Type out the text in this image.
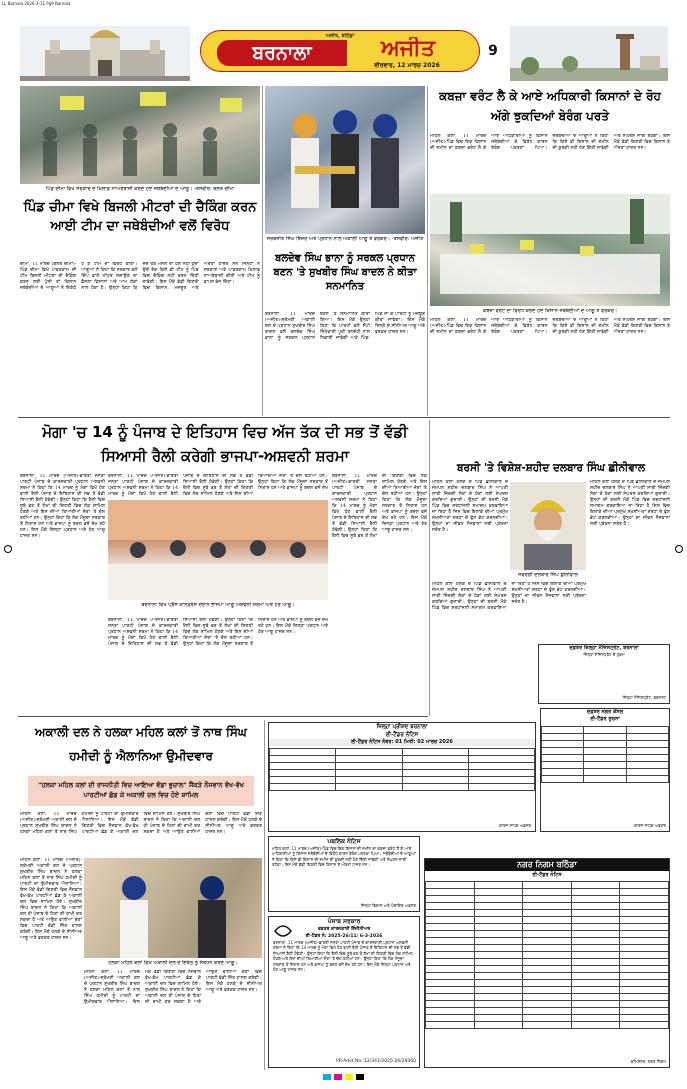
LL Barnala 2026-3-11 Pg9 Barnala
ਅਜੀਤ, ਬਠਿੰਡਾ
ਬਰਨਾਲਾ	ਅਜੀਤ
ਵੀਰਵਾਰ, 12 ਮਾਰਚ 2026
9
ਪਿੰਡ ਚੀਮਾ ਵਿਖੇ ਸਰਕਾਰ ਦੇ ਖ਼ਿਲਾਫ਼ ਨਾਅਰੇਬਾਜ਼ੀ ਕਰਦੇ ਹੋਏ ਜਥੇਬੰਦੀਆਂ ਦੇ ਆਗੂ। -ਤਸਵੀਰ: ਬੋਲਤ ਚੀਮਾ
ਪਿੰਡ ਚੀਮਾ ਵਿਖੇ ਬਿਜਲੀ ਮੀਟਰਾਂ ਦੀ ਚੈਕਿੰਗ ਕਰਨ ਆਈ ਟੀਮ ਦਾ ਜਥੇਬੰਦੀਆਂ ਵਲੋਂ ਵਿਰੋਧ
ਚੀਮਾ, 11 ਮਾਰਚ (ਬੋਲਤ ਚੀਮਾ)-ਪਿੰਡ ਚੀਮਾ ਵਿਖੇ ਪਾਵਰਕਾਮ ਦੀ ਟੀਮ ਬਿਜਲੀ ਮੀਟਰਾਂ ਦੀ ਚੈਕਿੰਗ ਕਰਨ ਲਈ ਪੁੱਜੀ ਤਾਂ ਕਿਸਾਨ ਜਥੇਬੰਦੀਆਂ ਦੇ ਆਗੂਆਂ ਨੇ ਇਕੱਠੇ ਹੋ ਕੇ ਟੀਮ ਦਾ ਵਿਰੋਧ ਕੀਤਾ। ਆਗੂਆਂ ਨੇ ਕਿਹਾ ਕਿ ਸਰਕਾਰ ਵਲੋਂ ਚਿੱਪ ਵਾਲੇ ਮੀਟਰ ਲਗਾਉਣ ਦਾ ਫ਼ੈਸਲਾ ਕਿਸਾਨਾਂ ਅਤੇ ਆਮ ਲੋਕਾਂ ਨਾਲ ਧੱਕਾ ਹੈ। ਉਨ੍ਹਾਂ ਕਿਹਾ ਕਿ ਜਦੋਂ ਤੱਕ ਮਸਲੇ ਦਾ ਹੱਲ ਨਹੀਂ ਹੁੰਦਾ ਉਦੋਂ ਤੱਕ ਕਿਸੇ ਵੀ ਟੀਮ ਨੂੰ ਪਿੰਡ ਵਿਚ ਚੈਕਿੰਗ ਨਹੀਂ ਕਰਨ ਦਿੱਤੀ ਜਾਵੇਗੀ। ਇਸ ਮੌਕੇ ਵੱਡੀ ਗਿਣਤੀ ਵਿਚ ਕਿਸਾਨ, ਮਜ਼ਦੂਰ ਅਤੇ ਔਰਤਾਂ ਹਾਜ਼ਰ ਸਨ ਜਿਨ੍ਹਾਂ ਨੇ ਸਰਕਾਰ ਅਤੇ ਪਾਵਰਕਾਮ ਖ਼ਿਲਾਫ਼ ਨਾਅਰੇਬਾਜ਼ੀ ਕੀਤੀ ਅਤੇ ਟੀਮ ਨੂੰ ਵਾਪਸ ਭੇਜ ਦਿੱਤਾ।
ਸਰਬਜੀਤ ਸਿੰਘ ਝਿੰਜਰ ਅਤੇ ਪ੍ਰਧਾਨ ਨਾਲ ਅਕਾਲੀ ਆਗੂ ਤੇ ਵਰਕਰ। -ਤਸਵੀਰ: ਅਜੀਤ
ਬਲਦੇਵ ਸਿੰਘ ਭਾਨਾ ਨੂੰ ਸਰਕਲ ਪ੍ਰਧਾਨ ਬਣਨ 'ਤੇ ਸੁਖਬੀਰ ਸਿੰਘ ਬਾਦਲ ਨੇ ਕੀਤਾ ਸਨਮਾਨਿਤ
ਬਰਨਾਲਾ, 11 ਮਾਰਚ (ਅਜੀਤ)-ਸ਼੍ਰੋਮਣੀ ਅਕਾਲੀ ਦਲ ਦੇ ਪ੍ਰਧਾਨ ਸੁਖਬੀਰ ਸਿੰਘ ਬਾਦਲ ਵਲੋਂ ਬਲਦੇਵ ਸਿੰਘ ਭਾਨਾ ਨੂੰ ਸਰਕਲ ਪ੍ਰਧਾਨ ਬਣਨ 'ਤੇ ਸਨਮਾਨਿਤ ਕੀਤਾ ਗਿਆ। ਇਸ ਮੌਕੇ ਉਨ੍ਹਾਂ ਕਿਹਾ ਕਿ ਪਾਰਟੀ ਵਲੋਂ ਸੌਂਪੀ ਜ਼ਿੰਮੇਵਾਰੀ ਪੂਰੀ ਤਨਦੇਹੀ ਨਾਲ ਨਿਭਾਈ ਜਾਵੇਗੀ ਅਤੇ ਪਿੰਡ-ਪਿੰਡ ਜਾ ਕੇ ਪਾਰਟੀ ਨੂੰ ਮਜ਼ਬੂਤ ਕੀਤਾ ਜਾਵੇਗਾ। ਇਸ ਮੌਕੇ ਜ਼ਿਲ੍ਹੇ ਦੇ ਸੀਨੀਅਰ ਆਗੂ ਅਤੇ ਵਰਕਰ ਹਾਜ਼ਰ ਸਨ।
ਕਬਜ਼ਾ ਵਰੰਟ ਲੈ ਕੇ ਆਏ ਅਧਿਕਾਰੀ ਕਿਸਾਨਾਂ ਦੇ ਰੋਹ ਅੱਗੇ ਝੁਕਦਿਆਂ ਬੇਰੰਗ ਪਰਤੇ
ਮਹਿਲ ਕਲਾਂ, 11 ਮਾਰਚ (ਅਜੀਤ)-ਪਿੰਡ ਵਿਚ ਇਕ ਕਿਸਾਨ ਦੀ ਜ਼ਮੀਨ ਦਾ ਕਬਜ਼ਾ ਵਰੰਟ ਲੈ ਕੇ ਆਏ ਅਧਿਕਾਰੀਆਂ ਨੂੰ ਕਿਸਾਨ ਜਥੇਬੰਦੀਆਂ ਦੇ ਵਿਰੋਧ ਕਾਰਨ ਬੇਰੰਗ ਪਰਤਣਾ ਪਿਆ। ਜਥੇਬੰਦੀਆਂ ਦੇ ਆਗੂਆਂ ਨੇ ਕਿਹਾ ਕਿ ਕਿਸੇ ਵੀ ਕਿਸਾਨ ਦੀ ਜ਼ਮੀਨ ਦੀ ਕੁਰਕੀ ਨਹੀਂ ਹੋਣ ਦਿੱਤੀ ਜਾਵੇਗੀ ਅਤੇ ਸੰਘਰਸ਼ ਜਾਰੀ ਰਹੇਗਾ। ਇਸ ਮੌਕੇ ਵੱਡੀ ਗਿਣਤੀ ਵਿਚ ਕਿਸਾਨ ਤੇ ਔਰਤਾਂ ਹਾਜ਼ਰ ਸਨ।
ਕਬਜ਼ਾ ਵਰੰਟ ਦਾ ਵਿਰੋਧ ਕਰਦੇ ਹੋਏ ਕਿਸਾਨ ਜਥੇਬੰਦੀਆਂ ਦੇ ਆਗੂ ਤੇ ਵਰਕਰ।
ਮਹਿਲ ਕਲਾਂ, 11 ਮਾਰਚ (ਅਜੀਤ)-ਪਿੰਡ ਵਿਚ ਇਕ ਕਿਸਾਨ ਦੀ ਜ਼ਮੀਨ ਦਾ ਕਬਜ਼ਾ ਵਰੰਟ ਲੈ ਕੇ ਆਏ ਅਧਿਕਾਰੀਆਂ ਨੂੰ ਕਿਸਾਨ ਜਥੇਬੰਦੀਆਂ ਦੇ ਵਿਰੋਧ ਕਾਰਨ ਬੇਰੰਗ ਪਰਤਣਾ ਪਿਆ। ਜਥੇਬੰਦੀਆਂ ਦੇ ਆਗੂਆਂ ਨੇ ਕਿਹਾ ਕਿ ਕਿਸੇ ਵੀ ਕਿਸਾਨ ਦੀ ਜ਼ਮੀਨ ਦੀ ਕੁਰਕੀ ਨਹੀਂ ਹੋਣ ਦਿੱਤੀ ਜਾਵੇਗੀ ਅਤੇ ਸੰਘਰਸ਼ ਜਾਰੀ ਰਹੇਗਾ। ਇਸ ਮੌਕੇ ਵੱਡੀ ਗਿਣਤੀ ਵਿਚ ਕਿਸਾਨ ਤੇ ਔਰਤਾਂ ਹਾਜ਼ਰ ਸਨ।
ਮੋਗਾ 'ਚ 14 ਨੂੰ ਪੰਜਾਬ ਦੇ ਇਤਿਹਾਸ ਵਿਚ ਅੱਜ ਤੱਕ ਦੀ ਸਭ ਤੋਂ ਵੱਡੀ ਸਿਆਸੀ ਰੈਲੀ ਕਰੇਗੀ ਭਾਜਪਾ-ਅਸ਼ਵਨੀ ਸ਼ਰਮਾ
ਬਰਨਾਲਾ, 11 ਮਾਰਚ (ਅਜੀਤ)-ਭਾਰਤੀ ਜਨਤਾ ਪਾਰਟੀ ਪੰਜਾਬ ਦੇ ਕਾਰਜਕਾਰੀ ਪ੍ਰਧਾਨ ਅਸ਼ਵਨੀ ਸ਼ਰਮਾ ਨੇ ਕਿਹਾ ਕਿ 14 ਮਾਰਚ ਨੂੰ ਮੋਗਾ ਵਿਖੇ ਹੋਣ ਵਾਲੀ ਰੈਲੀ ਪੰਜਾਬ ਦੇ ਇਤਿਹਾਸ ਦੀ ਸਭ ਤੋਂ ਵੱਡੀ ਸਿਆਸੀ ਰੈਲੀ ਹੋਵੇਗੀ। ਉਨ੍ਹਾਂ ਕਿਹਾ ਕਿ ਰੈਲੀ ਵਿਚ ਸੂਬੇ ਭਰ ਤੋਂ ਲੱਖਾਂ ਦੀ ਗਿਣਤੀ ਵਿਚ ਲੋਕ ਸ਼ਾਮਿਲ ਹੋਣਗੇ ਅਤੇ ਇਸ ਦੀਆਂ ਤਿਆਰੀਆਂ ਜ਼ੋਰਾਂ 'ਤੇ ਚੱਲ ਰਹੀਆਂ ਹਨ। ਉਨ੍ਹਾਂ ਕਿਹਾ ਕਿ ਲੋਕ ਮੌਜੂਦਾ ਸਰਕਾਰ ਤੋਂ ਨਿਰਾਸ਼ ਹਨ ਅਤੇ ਭਾਜਪਾ ਨੂੰ ਬਦਲ ਵਜੋਂ ਦੇਖ ਰਹੇ ਹਨ। ਇਸ ਮੌਕੇ ਜ਼ਿਲ੍ਹਾ ਪ੍ਰਧਾਨ ਅਤੇ ਹੋਰ ਆਗੂ ਹਾਜ਼ਰ ਸਨ।
ਬਰਨਾਲਾ ਵਿਖੇ ਪ੍ਰੈੱਸ ਕਾਨਫ਼ਰੰਸ ਦੌਰਾਨ ਭਾਜਪਾ ਆਗੂ ਅਸ਼ਵਨੀ ਸ਼ਰਮਾ ਅਤੇ ਹੋਰ ਆਗੂ।
ਬਰਨਾਲਾ, 11 ਮਾਰਚ (ਅਜੀਤ)-ਭਾਰਤੀ ਜਨਤਾ ਪਾਰਟੀ ਪੰਜਾਬ ਦੇ ਕਾਰਜਕਾਰੀ ਪ੍ਰਧਾਨ ਅਸ਼ਵਨੀ ਸ਼ਰਮਾ ਨੇ ਕਿਹਾ ਕਿ 14 ਮਾਰਚ ਨੂੰ ਮੋਗਾ ਵਿਖੇ ਹੋਣ ਵਾਲੀ ਰੈਲੀ ਪੰਜਾਬ ਦੇ ਇਤਿਹਾਸ ਦੀ ਸਭ ਤੋਂ ਵੱਡੀ ਸਿਆਸੀ ਰੈਲੀ ਹੋਵੇਗੀ। ਉਨ੍ਹਾਂ ਕਿਹਾ ਕਿ ਰੈਲੀ ਵਿਚ ਸੂਬੇ ਭਰ ਤੋਂ ਲੱਖਾਂ ਦੀ ਗਿਣਤੀ ਵਿਚ ਲੋਕ ਸ਼ਾਮਿਲ ਹੋਣਗੇ ਅਤੇ ਇਸ ਦੀਆਂ ਤਿਆਰੀਆਂ ਜ਼ੋਰਾਂ 'ਤੇ ਚੱਲ ਰਹੀਆਂ ਹਨ। ਉਨ੍ਹਾਂ ਕਿਹਾ ਕਿ ਲੋਕ ਮੌਜੂਦਾ ਸਰਕਾਰ ਤੋਂ ਨਿਰਾਸ਼ ਹਨ ਅਤੇ ਭਾਜਪਾ ਨੂੰ ਬਦਲ ਵਜੋਂ ਦੇਖ
ਬਰਨਾਲਾ, 11 ਮਾਰਚ (ਅਜੀਤ)-ਭਾਰਤੀ ਜਨਤਾ ਪਾਰਟੀ ਪੰਜਾਬ ਦੇ ਕਾਰਜਕਾਰੀ ਪ੍ਰਧਾਨ ਅਸ਼ਵਨੀ ਸ਼ਰਮਾ ਨੇ ਕਿਹਾ ਕਿ 14 ਮਾਰਚ ਨੂੰ ਮੋਗਾ ਵਿਖੇ ਹੋਣ ਵਾਲੀ ਰੈਲੀ ਪੰਜਾਬ ਦੇ ਇਤਿਹਾਸ ਦੀ ਸਭ ਤੋਂ ਵੱਡੀ ਸਿਆਸੀ ਰੈਲੀ ਹੋਵੇਗੀ। ਉਨ੍ਹਾਂ ਕਿਹਾ ਕਿ ਰੈਲੀ ਵਿਚ ਸੂਬੇ ਭਰ ਤੋਂ ਲੱਖਾਂ ਦੀ ਗਿਣਤੀ ਵਿਚ ਲੋਕ ਸ਼ਾਮਿਲ ਹੋਣਗੇ ਅਤੇ ਇਸ ਦੀਆਂ ਤਿਆਰੀਆਂ ਜ਼ੋਰਾਂ 'ਤੇ ਚੱਲ ਰਹੀਆਂ ਹਨ। ਉਨ੍ਹਾਂ ਕਿਹਾ ਕਿ ਲੋਕ ਮੌਜੂਦਾ ਸਰਕਾਰ ਤੋਂ ਨਿਰਾਸ਼ ਹਨ ਅਤੇ ਭਾਜਪਾ ਨੂੰ ਬਦਲ ਵਜੋਂ ਦੇਖ ਰਹੇ ਹਨ। ਇਸ ਮੌਕੇ ਜ਼ਿਲ੍ਹਾ ਪ੍ਰਧਾਨ ਅਤੇ ਹੋਰ ਆਗੂ ਹਾਜ਼ਰ ਸਨ।
ਬਰਨਾਲਾ, 11 ਮਾਰਚ (ਅਜੀਤ)-ਭਾਰਤੀ ਜਨਤਾ ਪਾਰਟੀ ਪੰਜਾਬ ਦੇ ਕਾਰਜਕਾਰੀ ਪ੍ਰਧਾਨ ਅਸ਼ਵਨੀ ਸ਼ਰਮਾ ਨੇ ਕਿਹਾ ਕਿ 14 ਮਾਰਚ ਨੂੰ ਮੋਗਾ ਵਿਖੇ ਹੋਣ ਵਾਲੀ ਰੈਲੀ ਪੰਜਾਬ ਦੇ ਇਤਿਹਾਸ ਦੀ ਸਭ ਤੋਂ ਵੱਡੀ ਸਿਆਸੀ ਰੈਲੀ ਹੋਵੇਗੀ। ਉਨ੍ਹਾਂ ਕਿਹਾ ਕਿ ਰੈਲੀ ਵਿਚ ਸੂਬੇ ਭਰ ਤੋਂ ਲੱਖਾਂ ਦੀ ਗਿਣਤੀ ਵਿਚ ਲੋਕ ਸ਼ਾਮਿਲ ਹੋਣਗੇ ਅਤੇ ਇਸ ਦੀਆਂ ਤਿਆਰੀਆਂ ਜ਼ੋਰਾਂ 'ਤੇ ਚੱਲ ਰਹੀਆਂ ਹਨ। ਉਨ੍ਹਾਂ ਕਿਹਾ ਕਿ ਲੋਕ ਮੌਜੂਦਾ ਸਰਕਾਰ ਤੋਂ ਨਿਰਾਸ਼ ਹਨ ਅਤੇ ਭਾਜਪਾ ਨੂੰ ਬਦਲ ਵਜੋਂ ਦੇਖ ਰਹੇ ਹਨ। ਇਸ ਮੌਕੇ ਜ਼ਿਲ੍ਹਾ ਪ੍ਰਧਾਨ ਅਤੇ ਹੋਰ ਆਗੂ ਹਾਜ਼ਰ ਸਨ।
ਬਰਸੀ 'ਤੇ ਵਿਸ਼ੇਸ਼-ਸ਼ਹੀਦ ਦਲਬਾਰ ਸਿੰਘ ਛੀਨੀਵਾਲ
ਮਹਿਲ ਕਲਾਂ ਹਲਕੇ ਦੇ ਪਿੰਡ ਛੀਨੀਵਾਲ ਦੇ ਜੰਮਪਲ ਸ਼ਹੀਦ ਦਲਬਾਰ ਸਿੰਘ ਨੇ ਆਪਣੀ ਸਾਰੀ ਜ਼ਿੰਦਗੀ ਲੋਕਾਂ ਦੇ ਹੱਕਾਂ ਲਈ ਸੰਘਰਸ਼ ਕਰਦਿਆਂ ਗੁਜ਼ਾਰੀ। ਉਨ੍ਹਾਂ ਦੀ ਬਰਸੀ ਮੌਕੇ ਪਿੰਡ ਵਿਚ ਸ਼ਰਧਾਂਜਲੀ ਸਮਾਗਮ ਕਰਵਾਇਆ ਜਾ ਰਿਹਾ ਹੈ ਜਿਸ ਵਿਚ ਇਲਾਕੇ ਦੀਆਂ ਪ੍ਰਮੁੱਖ ਸ਼ਖ਼ਸੀਅਤਾਂ ਸ਼ਰਧਾ ਦੇ ਫੁੱਲ ਭੇਟ ਕਰਨਗੀਆਂ। ਉਨ੍ਹਾਂ ਦਾ ਜੀਵਨ ਨੌਜਵਾਨਾਂ ਲਈ ਪ੍ਰੇਰਨਾ ਸਰੋਤ ਹੈ।
ਸਵਰਗੀ ਦਲਬਾਰ ਸਿੰਘ ਛੀਨੀਵਾਲ
ਮਹਿਲ ਕਲਾਂ ਹਲਕੇ ਦੇ ਪਿੰਡ ਛੀਨੀਵਾਲ ਦੇ ਜੰਮਪਲ ਸ਼ਹੀਦ ਦਲਬਾਰ ਸਿੰਘ ਨੇ ਆਪਣੀ ਸਾਰੀ ਜ਼ਿੰਦਗੀ ਲੋਕਾਂ ਦੇ ਹੱਕਾਂ ਲਈ ਸੰਘਰਸ਼ ਕਰਦਿਆਂ ਗੁਜ਼ਾਰੀ। ਉਨ੍ਹਾਂ ਦੀ ਬਰਸੀ ਮੌਕੇ ਪਿੰਡ ਵਿਚ ਸ਼ਰਧਾਂਜਲੀ ਸਮਾਗਮ ਕਰਵਾਇਆ ਜਾ ਰਿਹਾ ਹੈ ਜਿਸ ਵਿਚ ਇਲਾਕੇ ਦੀਆਂ ਪ੍ਰਮੁੱਖ ਸ਼ਖ਼ਸੀਅਤਾਂ ਸ਼ਰਧਾ ਦੇ ਫੁੱਲ ਭੇਟ ਕਰਨਗੀਆਂ। ਉਨ੍ਹਾਂ ਦਾ ਜੀਵਨ ਨੌਜਵਾਨਾਂ ਲਈ ਪ੍ਰੇਰਨਾ ਸਰੋਤ ਹੈ।
ਮਹਿਲ ਕਲਾਂ ਹਲਕੇ ਦੇ ਪਿੰਡ ਛੀਨੀਵਾਲ ਦੇ ਜੰਮਪਲ ਸ਼ਹੀਦ ਦਲਬਾਰ ਸਿੰਘ ਨੇ ਆਪਣੀ ਸਾਰੀ ਜ਼ਿੰਦਗੀ ਲੋਕਾਂ ਦੇ ਹੱਕਾਂ ਲਈ ਸੰਘਰਸ਼ ਕਰਦਿਆਂ ਗੁਜ਼ਾਰੀ। ਉਨ੍ਹਾਂ ਦੀ ਬਰਸੀ ਮੌਕੇ ਪਿੰਡ ਵਿਚ ਸ਼ਰਧਾਂਜਲੀ ਸਮਾਗਮ ਕਰਵਾਇਆ ਜਾ ਰਿਹਾ ਹੈ ਜਿਸ ਵਿਚ ਇਲਾਕੇ ਦੀਆਂ ਪ੍ਰਮੁੱਖ ਸ਼ਖ਼ਸੀਅਤਾਂ ਸ਼ਰਧਾ ਦੇ ਫੁੱਲ ਭੇਟ ਕਰਨਗੀਆਂ। ਉਨ੍ਹਾਂ ਦਾ ਜੀਵਨ ਨੌਜਵਾਨਾਂ ਲਈ ਪ੍ਰੇਰਨਾ ਸਰੋਤ ਹੈ।
ਦਫ਼ਤਰ ਜ਼ਿਲ੍ਹਾ ਮੈਜਿਸਟ੍ਰੇਟ, ਬਰਨਾਲਾ
ਜ਼ਿਲ੍ਹਾ ਮੈਜਿਸਟ੍ਰੇਟ ਦੇ ਹੁਕਮ
ਜ਼ਿਲ੍ਹਾ ਮੈਜਿਸਟ੍ਰੇਟ, ਬਰਨਾਲਾ
ਅਕਾਲੀ ਦਲ ਨੇ ਹਲਕਾ ਮਹਿਲ ਕਲਾਂ ਤੋਂ ਨਾਥ ਸਿੰਘ ਹਮੀਦੀ ਨੂੰ ਐਲਾਨਿਆ ਉਮੀਦਵਾਰ
"ਹਲਕਾ ਮਹਿਲ ਕਲਾਂ ਦੀ ਰਾਜਨੀਤੀ ਵਿਚ ਆਇਆ ਵੱਡਾ ਭੁਚਾਲ" ਸੈਂਕੜੇ ਨੌਜਵਾਨ ਵੱਖ-ਵੱਖ ਪਾਰਟੀਆਂ ਛੱਡ ਕੇ ਅਕਾਲੀ ਦਲ ਵਿਚ ਹੋਏ ਸ਼ਾਮਿਲ
ਮਹਿਲ ਕਲਾਂ, 11 ਮਾਰਚ (ਅਜੀਤ)-ਸ਼੍ਰੋਮਣੀ ਅਕਾਲੀ ਦਲ ਦੇ ਪ੍ਰਧਾਨ ਸੁਖਬੀਰ ਸਿੰਘ ਬਾਦਲ ਨੇ ਹਲਕਾ ਮਹਿਲ ਕਲਾਂ ਤੋਂ ਨਾਥ ਸਿੰਘ ਹਮੀਦੀ ਨੂੰ ਪਾਰਟੀ ਦਾ ਉਮੀਦਵਾਰ ਐਲਾਨਿਆ। ਇਸ ਮੌਕੇ ਵੱਡੀ ਗਿਣਤੀ ਵਿਚ ਨੌਜਵਾਨ ਵੱਖ-ਵੱਖ ਪਾਰਟੀਆਂ ਛੱਡ ਕੇ ਅਕਾਲੀ ਦਲ ਵਿਚ ਸ਼ਾਮਿਲ ਹੋਏ। ਸੁਖਬੀਰ ਸਿੰਘ ਬਾਦਲ ਨੇ ਕਿਹਾ ਕਿ ਅਕਾਲੀ ਦਲ ਹੀ ਪੰਜਾਬ ਦੇ ਹਿਤਾਂ ਦੀ ਰਾਖੀ ਕਰ ਸਕਦਾ ਹੈ ਅਤੇ ਆਉਣ ਵਾਲੀਆਂ ਚੋਣਾਂ ਵਿਚ ਪਾਰਟੀ ਵੱਡੀ ਜਿੱਤ ਹਾਸਲ ਕਰੇਗੀ। ਇਸ ਮੌਕੇ ਹਲਕੇ ਦੇ ਸੀਨੀਅਰ ਆਗੂ ਅਤੇ ਵਰਕਰ ਹਾਜ਼ਰ ਸਨ।
ਹਲਕਾ ਮਹਿਲ ਕਲਾਂ ਵਿਖੇ ਅਕਾਲੀ ਦਲ ਦੇ ਇਕੱਠ ਨੂੰ ਸੰਬੋਧਨ ਕਰਦੇ ਆਗੂ।
ਮਹਿਲ ਕਲਾਂ, 11 ਮਾਰਚ (ਅਜੀਤ)-ਸ਼੍ਰੋਮਣੀ ਅਕਾਲੀ ਦਲ ਦੇ ਪ੍ਰਧਾਨ ਸੁਖਬੀਰ ਸਿੰਘ ਬਾਦਲ ਨੇ ਹਲਕਾ ਮਹਿਲ ਕਲਾਂ ਤੋਂ ਨਾਥ ਸਿੰਘ ਹਮੀਦੀ ਨੂੰ ਪਾਰਟੀ ਦਾ ਉਮੀਦਵਾਰ ਐਲਾਨਿਆ। ਇਸ ਮੌਕੇ ਵੱਡੀ ਗਿਣਤੀ ਵਿਚ ਨੌਜਵਾਨ ਵੱਖ-ਵੱਖ ਪਾਰਟੀਆਂ ਛੱਡ ਕੇ ਅਕਾਲੀ ਦਲ ਵਿਚ ਸ਼ਾਮਿਲ ਹੋਏ। ਸੁਖਬੀਰ ਸਿੰਘ ਬਾਦਲ ਨੇ ਕਿਹਾ ਕਿ ਅਕਾਲੀ ਦਲ ਹੀ ਪੰਜਾਬ ਦੇ ਹਿਤਾਂ ਦੀ ਰਾਖੀ ਕਰ ਸਕਦਾ ਹੈ ਅਤੇ ਆਉਣ ਵਾਲੀਆਂ ਚੋਣਾਂ ਵਿਚ ਪਾਰਟੀ ਵੱਡੀ ਜਿੱਤ ਹਾਸਲ ਕਰੇਗੀ। ਇਸ ਮੌਕੇ ਹਲਕੇ ਦੇ ਸੀਨੀਅਰ ਆਗੂ ਅਤੇ ਵਰਕਰ ਹਾਜ਼ਰ ਸਨ।
ਮਹਿਲ ਕਲਾਂ, 11 ਮਾਰਚ (ਅਜੀਤ)-ਸ਼੍ਰੋਮਣੀ ਅਕਾਲੀ ਦਲ ਦੇ ਪ੍ਰਧਾਨ ਸੁਖਬੀਰ ਸਿੰਘ ਬਾਦਲ ਨੇ ਹਲਕਾ ਮਹਿਲ ਕਲਾਂ ਤੋਂ ਨਾਥ ਸਿੰਘ ਹਮੀਦੀ ਨੂੰ ਪਾਰਟੀ ਦਾ ਉਮੀਦਵਾਰ ਐਲਾਨਿਆ। ਇਸ ਮੌਕੇ ਵੱਡੀ ਗਿਣਤੀ ਵਿਚ ਨੌਜਵਾਨ ਵੱਖ-ਵੱਖ ਪਾਰਟੀਆਂ ਛੱਡ ਕੇ ਅਕਾਲੀ ਦਲ ਵਿਚ ਸ਼ਾਮਿਲ ਹੋਏ। ਸੁਖਬੀਰ ਸਿੰਘ ਬਾਦਲ ਨੇ ਕਿਹਾ ਕਿ ਅਕਾਲੀ ਦਲ ਹੀ ਪੰਜਾਬ ਦੇ ਹਿਤਾਂ ਦੀ ਰਾਖੀ ਕਰ ਸਕਦਾ ਹੈ ਅਤੇ ਆਉਣ ਵਾਲੀਆਂ ਚੋਣਾਂ ਵਿਚ ਪਾਰਟੀ ਵੱਡੀ ਜਿੱਤ ਹਾਸਲ ਕਰੇਗੀ। ਇਸ ਮੌਕੇ ਹਲਕੇ ਦੇ ਸੀਨੀਅਰ ਆਗੂ ਅਤੇ ਵਰਕਰ ਹਾਜ਼ਰ ਸਨ।
ਜ਼ਿਲ੍ਹਾ ਪ੍ਰੀਸ਼ਦ ਬਰਨਾਲਾ
ਈ-ਟੈਂਡਰ ਨੋਟਿਸ
ਈ-ਟੈਂਡਰ ਨੋਟਿਸ ਨੰਬਰ: 01 ਮਿਤੀ: 02 ਮਾਰਚ 2026

ਕਾਰਜ ਸਾਧਕ ਅਫ਼ਸਰ
ਦਫ਼ਤਰ ਨਗਰ ਕੌਂਸਲ
ਈ-ਟੈਂਡਰ ਸੂਚਨਾ

ਕਾਰਜ ਸਾਧਕ ਅਫ਼ਸਰ
ਪਬਲਿਕ ਨੋਟਿਸ
ਮਹਿਲ ਕਲਾਂ, 11 ਮਾਰਚ (ਅਜੀਤ)-ਪਿੰਡ ਵਿਚ ਇਕ ਕਿਸਾਨ ਦੀ ਜ਼ਮੀਨ ਦਾ ਕਬਜ਼ਾ ਵਰੰਟ ਲੈ ਕੇ ਆਏ ਅਧਿਕਾਰੀਆਂ ਨੂੰ ਕਿਸਾਨ ਜਥੇਬੰਦੀਆਂ ਦੇ ਵਿਰੋਧ ਕਾਰਨ ਬੇਰੰਗ ਪਰਤਣਾ ਪਿਆ। ਜਥੇਬੰਦੀਆਂ ਦੇ ਆਗੂਆਂ ਨੇ ਕਿਹਾ ਕਿ ਕਿਸੇ ਵੀ ਕਿਸਾਨ ਦੀ ਜ਼ਮੀਨ ਦੀ ਕੁਰਕੀ ਨਹੀਂ ਹੋਣ ਦਿੱਤੀ ਜਾਵੇਗੀ ਅਤੇ ਸੰਘਰਸ਼ ਜਾਰੀ ਰਹੇਗਾ। ਇਸ ਮੌਕੇ ਵੱਡੀ ਗਿਣਤੀ ਵਿਚ ਕਿਸਾਨ ਤੇ ਔਰਤਾਂ ਹਾਜ਼ਰ ਸਨ।
ਜ਼ਿਲ੍ਹਾ ਵਿਕਾਸ ਅਤੇ ਪੰਚਾਇਤ ਅਫ਼ਸਰ
ਪੰਜਾਬ ਸਰਕਾਰ
ਦਫ਼ਤਰ ਕਾਰਜਕਾਰੀ ਇੰਜੀਨੀਅਰ
ਈ-ਟੈਂਡਰ ਨੰ: 2025-26/11/ 6-3-2026
ਬਰਨਾਲਾ, 11 ਮਾਰਚ (ਅਜੀਤ)-ਭਾਰਤੀ ਜਨਤਾ ਪਾਰਟੀ ਪੰਜਾਬ ਦੇ ਕਾਰਜਕਾਰੀ ਪ੍ਰਧਾਨ ਅਸ਼ਵਨੀ ਸ਼ਰਮਾ ਨੇ ਕਿਹਾ ਕਿ 14 ਮਾਰਚ ਨੂੰ ਮੋਗਾ ਵਿਖੇ ਹੋਣ ਵਾਲੀ ਰੈਲੀ ਪੰਜਾਬ ਦੇ ਇਤਿਹਾਸ ਦੀ ਸਭ ਤੋਂ ਵੱਡੀ ਸਿਆਸੀ ਰੈਲੀ ਹੋਵੇਗੀ। ਉਨ੍ਹਾਂ ਕਿਹਾ ਕਿ ਰੈਲੀ ਵਿਚ ਸੂਬੇ ਭਰ ਤੋਂ ਲੱਖਾਂ ਦੀ ਗਿਣਤੀ ਵਿਚ ਲੋਕ ਸ਼ਾਮਿਲ ਹੋਣਗੇ ਅਤੇ ਇਸ ਦੀਆਂ ਤਿਆਰੀਆਂ ਜ਼ੋਰਾਂ 'ਤੇ ਚੱਲ ਰਹੀਆਂ ਹਨ। ਉਨ੍ਹਾਂ ਕਿਹਾ ਕਿ ਲੋਕ ਮੌਜੂਦਾ ਸਰਕਾਰ ਤੋਂ ਨਿਰਾਸ਼ ਹਨ ਅਤੇ ਭਾਜਪਾ ਨੂੰ ਬਦਲ ਵਜੋਂ ਦੇਖ ਰਹੇ ਹਨ। ਇਸ ਮੌਕੇ ਜ਼ਿਲ੍ਹਾ ਪ੍ਰਧਾਨ ਅਤੇ ਹੋਰ ਆਗੂ ਹਾਜ਼ਰ ਸਨ।
PR-Advt.No.:12/341/2025-26/26060
ਨਗਰ ਨਿਗਮ ਬਠਿੰਡਾ
ਈ-ਟੈਂਡਰ ਨੋਟਿਸ

ਕਮਿਸ਼ਨਰ, ਨਗਰ ਨਿਗਮ
